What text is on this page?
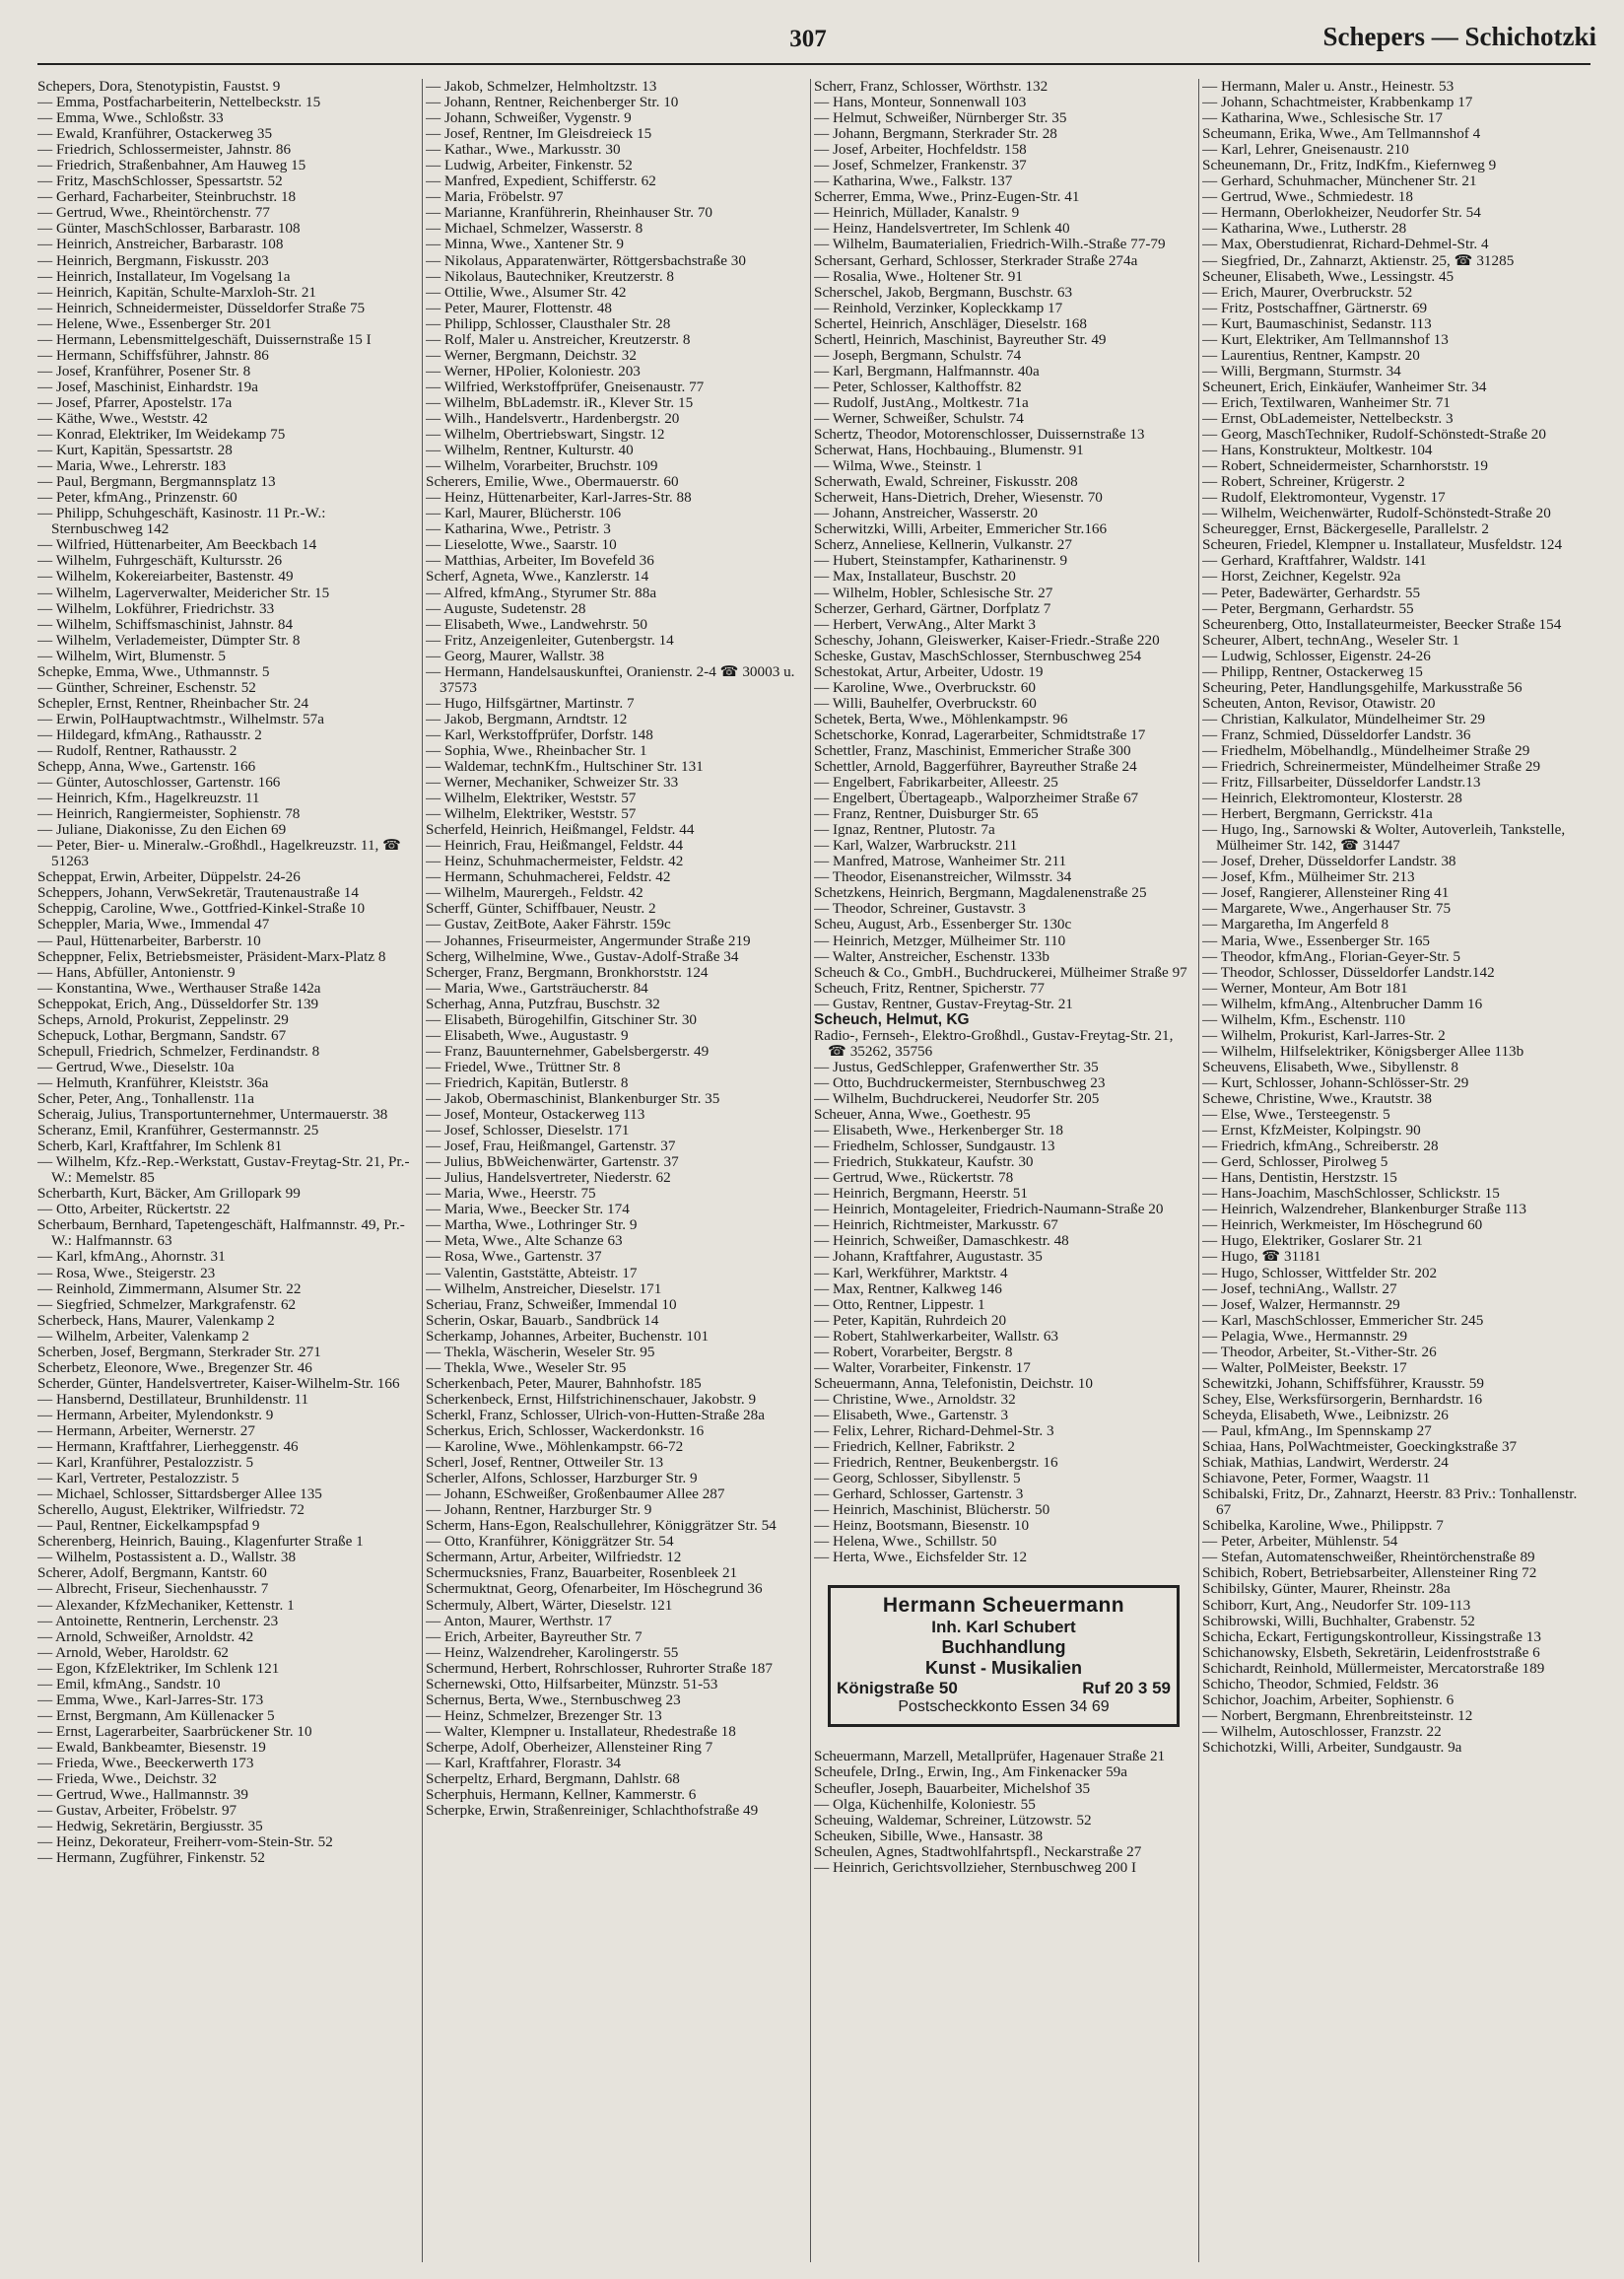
307	Schepers — Schichotzki
Schepers, Dora, Stenotypistin, Faustst. 9
— Emma, Postfacharbeiterin, Nettelbeckstr. 15
— Emma, Wwe., Schloßstr. 33
— Ewald, Kranführer, Ostackerweg 35
— Friedrich, Schlossermeister, Jahnstr. 86
— Friedrich, Straßenbahner, Am Hauweg 15
— Fritz, MaschSchlosser, Spessartstr. 52
— Gerhard, Facharbeiter, Steinbruchstr. 18
— Gertrud, Wwe., Rheintörchenstr. 77
— Günter, MaschSchlosser, Barbarastr. 108
— Heinrich, Anstreicher, Barbarastr. 108
— Heinrich, Bergmann, Fiskusstr. 203
— Heinrich, Installateur, Im Vogelsang 1a
— Heinrich, Kapitän, Schulte-Marxloh-Str. 21
— Heinrich, Schneidermeister, Düsseldorfer Straße 75
— Helene, Wwe., Essenberger Str. 201
— Hermann, Lebensmittelgeschäft, Duissernstraße 15 I
— Hermann, Schiffsführer, Jahnstr. 86
— Josef, Kranführer, Posener Str. 8
— Josef, Maschinist, Einhardstr. 19a
— Josef, Pfarrer, Apostelstr. 17a
— Käthe, Wwe., Weststr. 42
— Konrad, Elektriker, Im Weidekamp 75
— Kurt, Kapitän, Spessartstr. 28
— Maria, Wwe., Lehrerstr. 183
— Paul, Bergmann, Bergmannsplatz 13
— Peter, kfmAng., Prinzenstr. 60
— Philipp, Schuhgeschäft, Kasinostr. 11 Pr.-W.: Sternbuschweg 142
— Wilfried, Hüttenarbeiter, Am Beeckbach 14
— Wilhelm, Fuhrgeschäft, Kultursstr. 26
— Wilhelm, Kokereiarbeiter, Bastenstr. 49
— Wilhelm, Lagerverwalter, Meiderichеr Str. 15
— Wilhelm, Lokführer, Friedrichstr. 33
— Wilhelm, Schiffsmaschinist, Jahnstr. 84
— Wilhelm, Verlademeister, Dümpter Str. 8
— Wilhelm, Wirt, Blumenstr. 5
Schepke, Emma, Wwe., Uthmannstr. 5
— Günther, Schreiner, Eschenstr. 52
Schepler, Ernst, Rentner, Rheinbacher Str. 24
— Erwin, PolHauptwachtmstr., Wilhelmstr. 57a
— Hildegard, kfmAng., Rathausstr. 2
— Rudolf, Rentner, Rathausstr. 2
Schepp, Anna, Wwe., Gartenstr. 166
— Günter, Autoschlosser, Gartenstr. 166
— Heinrich, Kfm., Hagelkreuzstr. 11
— Heinrich, Rangiermeister, Sophienstr. 78
— Juliane, Diakonisse, Zu den Eichen 69
— Peter, Bier- u. Mineralw.-Großhdl., Hagelkreuzstr. 11, ☎ 51263
Scheppat, Erwin, Arbeiter, Düppelstr. 24-26
Scheppers, Johann, VerwSekretär, Trautenaustraße 14
Scheppig, Caroline, Wwe., Gottfried-Kinkel-Straße 10
Scheppler, Maria, Wwe., Immendal 47
— Paul, Hüttenarbeiter, Barberstr. 10
Scheppner, Felix, Betriebsmeister, Präsident-Marx-Platz 8
— Hans, Abfüller, Antonienstr. 9
— Konstantina, Wwe., Werthauser Straße 142a
Scheppokat, Erich, Ang., Düsseldorfer Str. 139
Scheps, Arnold, Prokurist, Zeppelinstr. 29
Schepuck, Lothar, Bergmann, Sandstr. 67
Schepull, Friedrich, Schmelzer, Ferdinandstr. 8
— Gertrud, Wwe., Dieselstr. 10a
— Helmuth, Kranführer, Kleiststr. 36a
Scher, Peter, Ang., Tonhallenstr. 11a
Scheraig, Julius, Transportunternehmer, Untermauerstr. 38
Scheranz, Emil, Kranführer, Gestermannstr. 25
Scherb, Karl, Kraftfahrer, Im Schlenk 81
— Wilhelm, Kfz.-Rep.-Werkstatt, Gustav-Freytag-Str. 21, Pr.-W.: Memelstr. 85
Scherbarth, Kurt, Bäcker, Am Grillopark 99
— Otto, Arbeiter, Rückertstr. 22
Scherbaum, Bernhard, Tapetengeschäft, Halfmannstr. 49, Pr.-W.: Halfmannstr. 63
— Karl, kfmAng., Ahornstr. 31
— Rosa, Wwe., Steigerstr. 23
— Reinhold, Zimmermann, Alsumer Str. 22
— Siegfried, Schmelzer, Markgrafenstr. 62
Scherbeck, Hans, Maurer, Valenkamp 2
— Wilhelm, Arbeiter, Valenkamp 2
Scherben, Josef, Bergmann, Sterkrader Str. 271
Scherbetz, Eleonore, Wwe., Bregenzer Str. 46
Scherder, Günter, Handelsvertreter, Kaiser-Wilhelm-Str. 166
— Hansbernd, Destillateur, Brunhildenstr. 11
— Hermann, Arbeiter, Mylendonkstr. 9
— Hermann, Arbeiter, Wernerstr. 27
— Hermann, Kraftfahrer, Lierheggenstr. 46
— Karl, Kranführer, Pestalozzistr. 5
— Karl, Vertreter, Pestalozzistr. 5
— Michael, Schlosser, Sittardsberger Allee 135
Scherello, August, Elektriker, Wilfriedstr. 72
— Paul, Rentner, Eickelkampspfad 9
Scherenberg, Heinrich, Bauing., Klagenfurter Straße 1
— Wilhelm, Postassistent a. D., Wallstr. 38
Scherer, Adolf, Bergmann, Kantstr. 60
— Albrecht, Friseur, Siechenhausstr. 7
— Alexander, KfzMechaniker, Kettenstr. 1
— Antoinette, Rentnerin, Lerchenstr. 23
— Arnold, Schweißer, Arnoldstr. 42
— Arnold, Weber, Haroldstr. 62
— Egon, KfzElektriker, Im Schlenk 121
— Emil, kfmAng., Sandstr. 10
— Emma, Wwe., Karl-Jarres-Str. 173
— Ernst, Bergmann, Am Küllenacker 5
— Ernst, Lagerarbeiter, Saarbrückener Str. 10
— Ewald, Bankbeamter, Biesenstr. 19
— Frieda, Wwe., Beeckerwerth 173
— Frieda, Wwe., Deichstr. 32
— Gertrud, Wwe., Hallmannstr. 39
— Gustav, Arbeiter, Fröbelstr. 97
— Hedwig, Sekretärin, Bergiusstr. 35
— Heinz, Dekorateur, Freiherr-vom-Stein-Str. 52
— Hermann, Zugführer, Finkenstr. 52
— Jakob, Schmelzer, Helmholtzstr. 13
— Johann, Rentner, Reichenberger Str. 10
— Johann, Schweißer, Vygenstr. 9
— Josef, Rentner, Im Gleisdreieck 15
— Kathar., Wwe., Markusstr. 30
— Ludwig, Arbeiter, Finkenstr. 52
— Manfred, Expedient, Schifferstr. 62
— Maria, Fröbelstr. 97
— Marianne, Kranführerin, Rheinhauser Str. 70
— Michael, Schmelzer, Wasserstr. 8
— Minna, Wwe., Xantener Str. 9
— Nikolaus, Apparatenwärter, Röttgersbachstraße 30
— Nikolaus, Bautechniker, Kreutzerstr. 8
— Ottilie, Wwe., Alsumer Str. 42
— Peter, Maurer, Flottenstr. 48
— Philipp, Schlosser, Clausthaler Str. 28
— Rolf, Maler u. Anstreicher, Kreutzerstr. 8
— Werner, Bergmann, Deichstr. 32
— Werner, HPolier, Koloniestr. 203
— Wilfried, Werkstoffprüfer, Gneisenaustr. 77
— Wilhelm, BbLademstr. iR., Klever Str. 15
— Wilh., Handelsvertr., Hardenbergstr. 20
— Wilhelm, Obertriebswart, Singstr. 12
— Wilhelm, Rentner, Kulturstr. 40
— Wilhelm, Vorarbeiter, Bruchstr. 109
Scherers, Emilie, Wwe., Obermauerstr. 60
— Heinz, Hüttenarbeiter, Karl-Jarres-Str. 88
— Karl, Maurer, Blücherstr. 106
— Katharina, Wwe., Petristr. 3
— Lieselotte, Wwe., Saarstr. 10
— Matthias, Arbeiter, Im Bovefeld 36
Scherf, Agneta, Wwe., Kanzlerstr. 14
— Alfred, kfmAng., Styrumer Str. 88a
— Auguste, Sudetenstr. 28
— Elisabeth, Wwe., Landwehrstr. 50
— Fritz, Anzeigenleiter, Gutenbergstr. 14
— Georg, Maurer, Wallstr. 38
— Hermann, Handelsauskunftei, Oranienstr. 2-4 ☎ 30003 u. 37573
— Hugo, Hilfsgärtner, Martinstr. 7
— Jakob, Bergmann, Arndtstr. 12
— Karl, Werkstoffprüfer, Dorfstr. 148
— Sophia, Wwe., Rheinbacher Str. 1
— Waldemar, technKfm., Hultschiner Str. 131
— Werner, Mechaniker, Schweizer Str. 33
— Wilhelm, Elektriker, Weststr. 57
— Wilhelm, Elektriker, Weststr. 57
Scherfeld, Heinrich, Heißmangel, Feldstr. 44
— Heinrich, Frau, Heißmangel, Feldstr. 44
— Heinz, Schuhmachermeister, Feldstr. 42
— Hermann, Schuhmacherei, Feldstr. 42
— Wilhelm, Maurergeh., Feldstr. 42
Scherff, Günter, Schiffbauer, Neustr. 2
— Gustav, ZeitBote, Aaker Fährstr. 159c
— Johannes, Friseurmeister, Angermunder Straße 219
Scherg, Wilhelmine, Wwe., Gustav-Adolf-Straße 34
Scherger, Franz, Bergmann, Bronkhorststr. 124
— Maria, Wwe., Gartsträucherstr. 84
Scherhag, Anna, Putzfrau, Buschstr. 32
— Elisabeth, Bürogehilfin, Gitschiner Str. 30
— Elisabeth, Wwe., Augustastr. 9
— Franz, Bauunternehmer, Gabelsbergerstr. 49
— Friedel, Wwe., Trüttner Str. 8
— Friedrich, Kapitän, Butlerstr. 8
— Jakob, Obermaschinist, Blankenburger Str. 35
— Josef, Monteur, Ostackerweg 113
— Josef, Schlosser, Dieselstr. 171
— Josef, Frau, Heißmangel, Gartenstr. 37
— Julius, BbWeichenwärter, Gartenstr. 37
— Julius, Handelsvertreter, Niederstr. 62
— Maria, Wwe., Heerstr. 75
— Maria, Wwe., Beecker Str. 174
— Martha, Wwe., Lothringer Str. 9
— Meta, Wwe., Alte Schanze 63
— Rosa, Wwe., Gartenstr. 37
— Valentin, Gaststätte, Abteistr. 17
— Wilhelm, Anstreicher, Dieselstr. 171
Scheriau, Franz, Schweißer, Immendal 10
Scherin, Oskar, Bauarb., Sandbrück 14
Scherkamp, Johannes, Arbeiter, Buchenstr. 101
— Thekla, Wäscherin, Weseler Str. 95
— Thekla, Wwe., Weseler Str. 95
Scherkenbach, Peter, Maurer, Bahnhofstr. 185
Scherkenbeck, Ernst, Hilfstrichinenschauer, Jakobstr. 9
Scherkl, Franz, Schlosser, Ulrich-von-Hutten-Straße 28a
Scherkus, Erich, Schlosser, Wackerdonkstr. 16
— Karoline, Wwe., Möhlenkampstr. 66-72
Scherl, Josef, Rentner, Ottweiler Str. 13
Scherler, Alfons, Schlosser, Harzburger Str. 9
— Johann, ESchweißer, Großenbaumer Allee 287
— Johann, Rentner, Harzburger Str. 9
Scherm, Hans-Egon, Realschullehrer, Königgrätzer Str. 54
— Otto, Kranführer, Königgrätzer Str. 54
Schermann, Artur, Arbeiter, Wilfriedstr. 12
Schermucksnies, Franz, Bauarbeiter, Rosenbleek 21
Schermuktnat, Georg, Ofenarbeiter, Im Höschegrund 36
Schermuly, Albert, Wärter, Dieselstr. 121
— Anton, Maurer, Werthstr. 17
— Erich, Arbeiter, Bayreuther Str. 7
— Heinz, Walzendreher, Karolingerstr. 55
Schermund, Herbert, Rohrschlosser, Ruhrorter Straße 187
Schernewski, Otto, Hilfsarbeiter, Münzstr. 51-53
Schernus, Berta, Wwe., Sternbuschweg 23
— Heinz, Schmelzer, Brezenger Str. 13
— Walter, Klempner u. Installateur, Rhedestraße 18
Scherpe, Adolf, Oberheizer, Allensteiner Ring 7
— Karl, Kraftfahrer, Florastr. 34
Scherpeltz, Erhard, Bergmann, Dahlstr. 68
Scherphuis, Hermann, Kellner, Kammerstr. 6
Scherpke, Erwin, Straßenreiniger, Schlachthofstraße 49
Scherr, Franz, Schlosser, Wörthstr. 132
— Hans, Monteur, Sonnenwall 103
— Helmut, Schweißer, Nürnberger Str. 35
— Johann, Bergmann, Sterkrader Str. 28
— Josef, Arbeiter, Hochfeldstr. 158
— Josef, Schmelzer, Frankenstr. 37
— Katharina, Wwe., Falkstr. 137
Scherrer, Emma, Wwe., Prinz-Eugen-Str. 41
— Heinrich, Müllader, Kanalstr. 9
— Heinz, Handelsvertreter, Im Schlenk 40
— Wilhelm, Baumaterialien, Friedrich-Wilh.-Straße 77-79
Schersant, Gerhard, Schlosser, Sterkrader Straße 274a
— Rosalia, Wwe., Holtener Str. 91
Scherschel, Jakob, Bergmann, Buschstr. 63
— Reinhold, Verzinker, Kopleckkamp 17
Schertel, Heinrich, Anschläger, Dieselstr. 168
Schertl, Heinrich, Maschinist, Bayreuther Str. 49
— Joseph, Bergmann, Schulstr. 74
— Karl, Bergmann, Halfmannstr. 40a
— Peter, Schlosser, Kalthoffstr. 82
— Rudolf, JustAng., Moltkestr. 71a
— Werner, Schweißer, Schulstr. 74
Schertz, Theodor, Motorenschlosser, Duissernstraße 13
Scherwat, Hans, Hochbauing., Blumenstr. 91
— Wilma, Wwe., Steinstr. 1
Scherwath, Ewald, Schreiner, Fiskusstr. 208
Scherweit, Hans-Dietrich, Dreher, Wiesenstr. 70
— Johann, Anstreicher, Wasserstr. 20
Scherwitzki, Willi, Arbeiter, Emmericher Str.166
Scherz, Anneliese, Kellnerin, Vulkanstr. 27
— Hubert, Steinstampfer, Katharinenstr. 9
— Max, Installateur, Buschstr. 20
— Wilhelm, Hobler, Schlesische Str. 27
Scherzer, Gerhard, Gärtner, Dorfplatz 7
— Herbert, VerwAng., Alter Markt 3
Scheschy, Johann, Gleiswerker, Kaiser-Friedr.-Straße 220
Scheske, Gustav, MaschSchlosser, Sternbuschweg 254
Schestokat, Artur, Arbeiter, Udostr. 19
— Karoline, Wwe., Overbruckstr. 60
— Willi, Bauhelfer, Overbruckstr. 60
Schetek, Berta, Wwe., Möhlenkampstr. 96
Schetschorke, Konrad, Lagerarbeiter, Schmidtstraße 17
Schettler, Franz, Maschinist, Emmericher Straße 300
Schettler, Arnold, Baggerführer, Bayreuther Straße 24
— Engelbert, Fabrikarbeiter, Alleestr. 25
— Engelbert, Übertageарb., Walporzheimer Straße 67
— Franz, Rentner, Duisburger Str. 65
— Ignaz, Rentner, Plutostr. 7a
— Karl, Walzer, Warbruckstr. 211
— Manfred, Matrose, Wanheimer Str. 211
— Theodor, Eisenanstreicher, Wilmsstr. 34
Schetzkens, Heinrich, Bergmann, Magdalenenstraße 25
— Theodor, Schreiner, Gustavstr. 3
Scheu, August, Arb., Essenberger Str. 130c
— Heinrich, Metzger, Mülheimer Str. 110
— Walter, Anstreicher, Eschenstr. 133b
Scheuch & Co., GmbH., Buchdruckerei, Mülheimer Straße 97
Scheuch, Fritz, Rentner, Spicherstr. 77
— Gustav, Rentner, Gustav-Freytag-Str. 21
Scheuch, Helmut, KG
Radio-, Fernseh-, Elektro-Großhdl., Gustav-Freytag-Str. 21, ☎ 35262, 35756
— Justus, GedSchlepper, Grafenwerther Str. 35
— Otto, Buchdruckermeister, Sternbuschweg 23
— Wilhelm, Buchdruckerei, Neudorfer Str. 205
Scheuer, Anna, Wwe., Goethestr. 95
— Elisabeth, Wwe., Herkenberger Str. 18
— Friedhelm, Schlosser, Sundgaustr. 13
— Friedrich, Stukkateur, Kaufstr. 30
— Gertrud, Wwe., Rückertstr. 78
— Heinrich, Bergmann, Heerstr. 51
— Heinrich, Montageleiter, Friedrich-Naumann-Straße 20
— Heinrich, Richtmeister, Markusstr. 67
— Heinrich, Schweißer, Damaschkestr. 48
— Johann, Kraftfahrer, Augustastr. 35
— Karl, Werkführer, Marktstr. 4
— Max, Rentner, Kalkweg 146
— Otto, Rentner, Lippestr. 1
— Peter, Kapitän, Ruhrdeich 20
— Robert, Stahlwerkarbeiter, Wallstr. 63
— Robert, Vorarbeiter, Bergstr. 8
— Walter, Vorarbeiter, Finkenstr. 17
Scheuermann, Anna, Telefonistin, Deichstr. 10
— Christine, Wwe., Arnoldstr. 32
— Elisabeth, Wwe., Gartenstr. 3
— Felix, Lehrer, Richard-Dehmel-Str. 3
— Friedrich, Kellner, Fabrikstr. 2
— Friedrich, Rentner, Beukenbergstr. 16
— Georg, Schlosser, Sibyllenstr. 5
— Gerhard, Schlosser, Gartenstr. 3
— Heinrich, Maschinist, Blücherstr. 50
— Heinz, Bootsmann, Biesenstr. 10
— Helena, Wwe., Schillstr. 50
— Herta, Wwe., Eichsfelder Str. 12
Hermann Scheuermann
Inh. Karl Schubert
Buchhandlung
Kunst - Musikalien
Königstraße 50	Ruf 20 3 59
Postscheckkonto Essen 34 69
Scheuermann, Marzell, Metallprüfer, Hagenauer Straße 21
Scheufele, DrIng., Erwin, Ing., Am Finkenacker 59a
Scheufler, Joseph, Bauarbeiter, Michelshof 35
— Olga, Küchenhilfe, Koloniestr. 55
Scheuing, Waldemar, Schreiner, Lützowstr. 52
Scheuken, Sibille, Wwe., Hansastr. 38
Scheulen, Agnes, Stadtwohlfahrtspfl., Neckarstraße 27
— Heinrich, Gerichtsvollzieher, Sternbuschweg 200 I
— Hermann, Maler u. Anstr., Heinestr. 53
— Johann, Schachtmeister, Krabbenkamp 17
— Katharina, Wwe., Schlesische Str. 17
Scheumann, Erika, Wwe., Am Tellmannshof 4
— Karl, Lehrer, Gneisenaustr. 210
Scheunemann, Dr., Fritz, IndKfm., Kiefernweg 9
— Gerhard, Schuhmacher, Münchener Str. 21
— Gertrud, Wwe., Schmiedestr. 18
— Hermann, Oberlokheizer, Neudorfer Str. 54
— Katharina, Wwe., Lutherstr. 28
— Max, Oberstudienrat, Richard-Dehmel-Str. 4
— Siegfried, Dr., Zahnarzt, Aktienstr. 25, ☎ 31285
Scheuner, Elisabeth, Wwe., Lessingstr. 45
— Erich, Maurer, Overbruckstr. 52
— Fritz, Postschaffner, Gärtnerstr. 69
— Kurt, Baumaschinist, Sedanstr. 113
— Kurt, Elektriker, Am Tellmannshof 13
— Laurentius, Rentner, Kampstr. 20
— Willi, Bergmann, Sturmstr. 34
Scheunert, Erich, Einkäufer, Wanheimer Str. 34
— Erich, Textilwaren, Wanheimer Str. 71
— Ernst, ObLademeister, Nettelbeckstr. 3
— Georg, MaschTechniker, Rudolf-Schönstedt-Straße 20
— Hans, Konstrukteur, Moltkestr. 104
— Robert, Schneidermeister, Scharnhorststr. 19
— Robert, Schreiner, Krügerstr. 2
— Rudolf, Elektromonteur, Vygenstr. 17
— Wilhelm, Weichenwärter, Rudolf-Schönstedt-Straße 20
Scheuregger, Ernst, Bäckergeselle, Parallelstr. 2
Scheuren, Friedel, Klempner u. Installateur, Musfeldstr. 124
— Gerhard, Kraftfahrer, Waldstr. 141
— Horst, Zeichner, Kegelstr. 92a
— Peter, Badewärter, Gerhardstr. 55
— Peter, Bergmann, Gerhardstr. 55
Scheurenberg, Otto, Installateurmeister, Beecker Straße 154
Scheurer, Albert, technAng., Weseler Str. 1
— Ludwig, Schlosser, Eigenstr. 24-26
— Philipp, Rentner, Ostackerweg 15
Scheuring, Peter, Handlungsgehilfe, Markusstraße 56
Scheuten, Anton, Revisor, Otawistr. 20
— Christian, Kalkulator, Mündelheimer Str. 29
— Franz, Schmied, Düsseldorfer Landstr. 36
— Friedhelm, Möbelhandlg., Mündelheimer Straße 29
— Friedrich, Schreinermeister, Mündelheimer Straße 29
— Fritz, Fillsarbeiter, Düsseldorfer Landstr.13
— Heinrich, Elektromonteur, Klosterstr. 28
— Herbert, Bergmann, Gerrickstr. 41a
— Hugo, Ing., Sarnowski & Wolter, Autoverleih, Tankstelle, Mülheimer Str. 142, ☎ 31447
— Josef, Dreher, Düsseldorfer Landstr. 38
— Josef, Kfm., Mülheimer Str. 213
— Josef, Rangierer, Allensteiner Ring 41
— Margarete, Wwe., Angerhauser Str. 75
— Margaretha, Im Angerfeld 8
— Maria, Wwe., Essenberger Str. 165
— Theodor, kfmAng., Florian-Geyer-Str. 5
— Theodor, Schlosser, Düsseldorfer Landstr.142
— Werner, Monteur, Am Botr 181
— Wilhelm, kfmAng., Altenbrucher Damm 16
— Wilhelm, Kfm., Eschenstr. 110
— Wilhelm, Prokurist, Karl-Jarres-Str. 2
— Wilhelm, Hilfselektriker, Königsberger Allee 113b
Scheuvens, Elisabeth, Wwe., Sibyllenstr. 8
— Kurt, Schlosser, Johann-Schlösser-Str. 29
Schewe, Christine, Wwe., Krautstr. 38
— Else, Wwe., Tersteegenstr. 5
— Ernst, KfzMeister, Kolpingstr. 90
— Friedrich, kfmAng., Schreiberstr. 28
— Gerd, Schlosser, Pirolweg 5
— Hans, Dentistin, Herstzstr. 15
— Hans-Joachim, MaschSchlosser, Schlickstr. 15
— Heinrich, Walzendreher, Blankenburger Straße 113
— Heinrich, Werkmeister, Im Höschegrund 60
— Hugo, Elektriker, Goslarer Str. 21
— Hugo, ☎ 31181
— Hugo, Schlosser, Wittfelder Str. 202
— Josef, techniAng., Wallstr. 27
— Josef, Walzer, Hermannstr. 29
— Karl, MaschSchlosser, Emmericher Str. 245
— Pelagia, Wwe., Hermannstr. 29
— Theodor, Arbeiter, St.-Vither-Str. 26
— Walter, PolMeister, Beekstr. 17
Schewitzki, Johann, Schiffsführer, Krausstr. 59
Schey, Else, Werksfürsorgerin, Bernhardstr. 16
Scheyda, Elisabeth, Wwe., Leibnizstr. 26
— Paul, kfmAng., Im Spennskamp 27
Schiaa, Hans, PolWachtmeister, Goeckingkstraße 37
Schiak, Mathias, Landwirt, Werderstr. 24
Schiavone, Peter, Former, Waagstr. 11
Schibalski, Fritz, Dr., Zahnarzt, Heerstr. 83 Priv.: Tonhallenstr. 67
Schibelka, Karoline, Wwe., Philippstr. 7
— Peter, Arbeiter, Mühlenstr. 54
— Stefan, Automatenschweißer, Rheintörchenstraße 89
Schibich, Robert, Betriebsarbeiter, Allensteiner Ring 72
Schibilsky, Günter, Maurer, Rheinstr. 28a
Schiborr, Kurt, Ang., Neudorfer Str. 109-113
Schibrowski, Willi, Buchhalter, Grabenstr. 52
Schicha, Eckart, Fertigungskontrolleur, Kissingstraße 13
Schichanowsky, Elsbeth, Sekretärin, Leidenfroststraße 6
Schichardt, Reinhold, Müllermeister, Mercatorstraße 189
Schicho, Theodor, Schmied, Feldstr. 36
Schichor, Joachim, Arbeiter, Sophienstr. 6
— Norbert, Bergmann, Ehrenbreitsteinstr. 12
— Wilhelm, Autoschlosser, Franzstr. 22
Schichotzki, Willi, Arbeiter, Sundgaustr. 9a
